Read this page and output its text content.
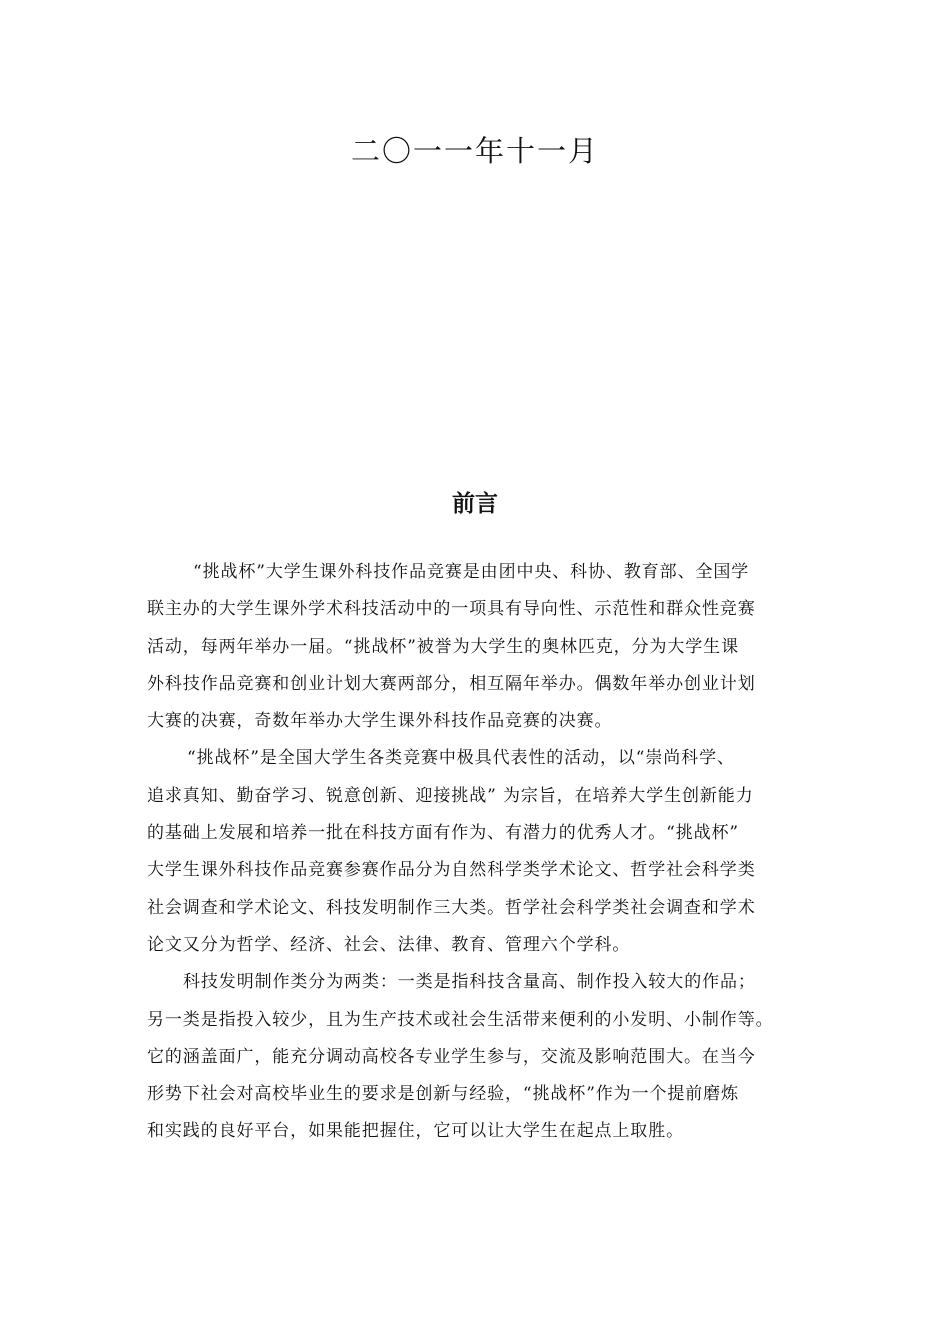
二〇一一年十一月
前言
“挑战杯”大学生课外科技作品竞赛是由团中央、科协、教育部、全国学
联主办的大学生课外学术科技活动中的一项具有导向性、示范性和群众性竞赛
活动，每两年举办一届。“挑战杯”被誉为大学生的奥林匹克，分为大学生课
外科技作品竞赛和创业计划大赛两部分，相互隔年举办。偶数年举办创业计划
大赛的决赛，奇数年举办大学生课外科技作品竞赛的决赛。
“挑战杯”是全国大学生各类竞赛中极具代表性的活动，以“崇尚科学、
追求真知、勤奋学习、锐意创新、迎接挑战” 为宗旨，在培养大学生创新能力
的基础上发展和培养一批在科技方面有作为、有潜力的优秀人才。“挑战杯”
大学生课外科技作品竞赛参赛作品分为自然科学类学术论文、哲学社会科学类
社会调查和学术论文、科技发明制作三大类。哲学社会科学类社会调查和学术
论文又分为哲学、经济、社会、法律、教育、管理六个学科。
科技发明制作类分为两类：一类是指科技含量高、制作投入较大的作品；
另一类是指投入较少，且为生产技术或社会生活带来便利的小发明、小制作等。
它的涵盖面广，能充分调动高校各专业学生参与，交流及影响范围大。在当今
形势下社会对高校毕业生的要求是创新与经验，“挑战杯”作为一个提前磨炼
和实践的良好平台，如果能把握住，它可以让大学生在起点上取胜。
